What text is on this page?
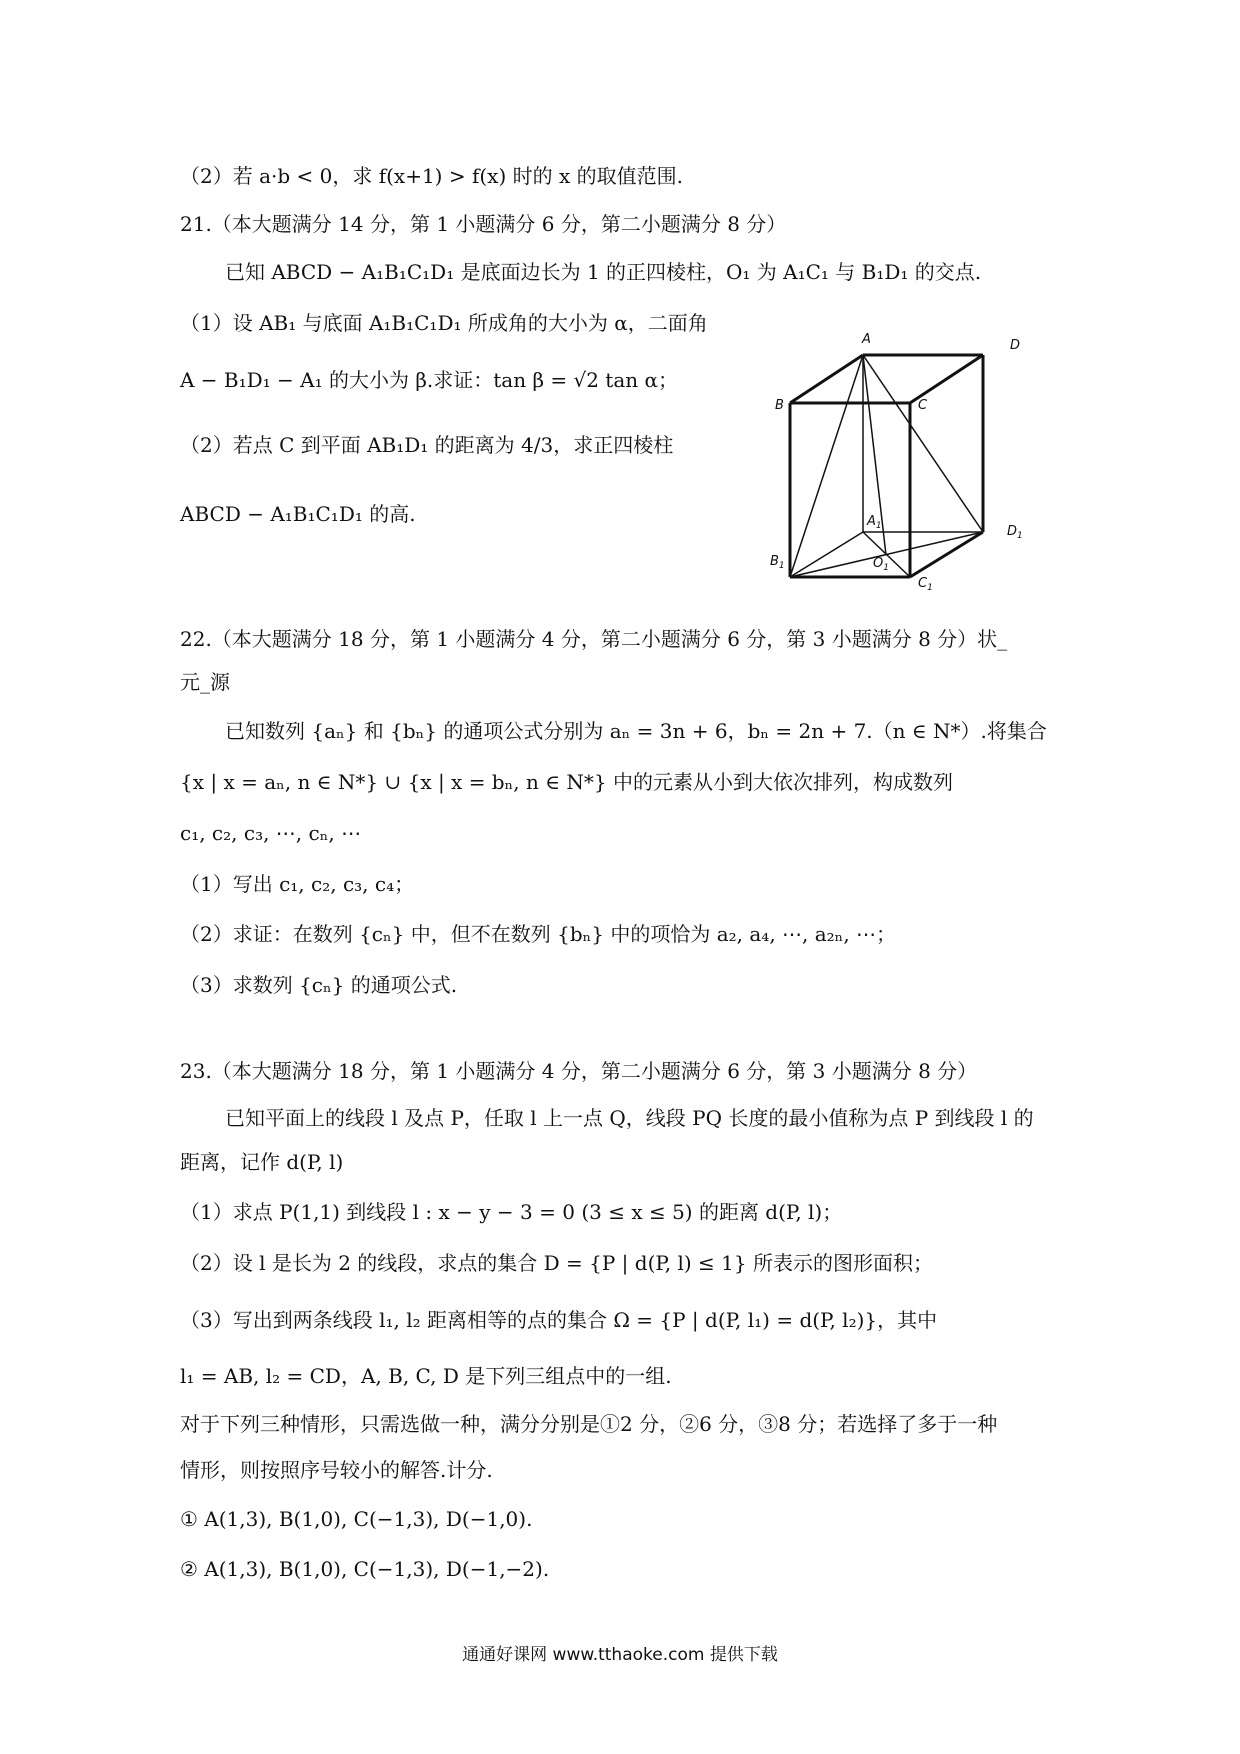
（2）若 a·b < 0，求 f(x+1) > f(x) 时的 x 的取值范围.
21.（本大题满分 14 分，第 1 小题满分 6 分，第二小题满分 8 分）
已知 ABCD − A₁B₁C₁D₁ 是底面边长为 1 的正四棱柱，O₁ 为 A₁C₁ 与 B₁D₁ 的交点.
（1）设 AB₁ 与底面 A₁B₁C₁D₁ 所成角的大小为 α，二面角
A − B₁D₁ − A₁ 的大小为 β.求证：tan β = √2 tan α；
（2）若点 C 到平面 AB₁D₁ 的距离为 4/3，求正四棱柱
ABCD − A₁B₁C₁D₁ 的高.
A	D
B	C
$A_1$	$D_1$
$B_1$	$O_1$
$C_1$
22.（本大题满分 18 分，第 1 小题满分 4 分，第二小题满分 6 分，第 3 小题满分 8 分）状_
元_源
已知数列 {aₙ} 和 {bₙ} 的通项公式分别为 aₙ = 3n + 6，bₙ = 2n + 7.（n ∈ N*）.将集合
{x | x = aₙ, n ∈ N*} ∪ {x | x = bₙ, n ∈ N*} 中的元素从小到大依次排列，构成数列
c₁, c₂, c₃, ⋯, cₙ, ⋯
（1）写出 c₁, c₂, c₃, c₄；
（2）求证：在数列 {cₙ} 中，但不在数列 {bₙ} 中的项恰为 a₂, a₄, ⋯, a₂ₙ, ⋯；
（3）求数列 {cₙ} 的通项公式.
23.（本大题满分 18 分，第 1 小题满分 4 分，第二小题满分 6 分，第 3 小题满分 8 分）
已知平面上的线段 l 及点 P，任取 l 上一点 Q，线段 PQ 长度的最小值称为点 P 到线段 l 的
距离，记作 d(P, l)
（1）求点 P(1,1) 到线段 l : x − y − 3 = 0 (3 ≤ x ≤ 5) 的距离 d(P, l)；
（2）设 l 是长为 2 的线段，求点的集合 D = {P | d(P, l) ≤ 1} 所表示的图形面积；
（3）写出到两条线段 l₁, l₂ 距离相等的点的集合 Ω = {P | d(P, l₁) = d(P, l₂)}，其中
l₁ = AB, l₂ = CD，A, B, C, D 是下列三组点中的一组.
对于下列三种情形，只需选做一种，满分分别是①2 分，②6 分，③8 分；若选择了多于一种
情形，则按照序号较小的解答.计分.
① A(1,3), B(1,0), C(−1,3), D(−1,0).
② A(1,3), B(1,0), C(−1,3), D(−1,−2).
通通好课网 www.tthaoke.com 提供下载
